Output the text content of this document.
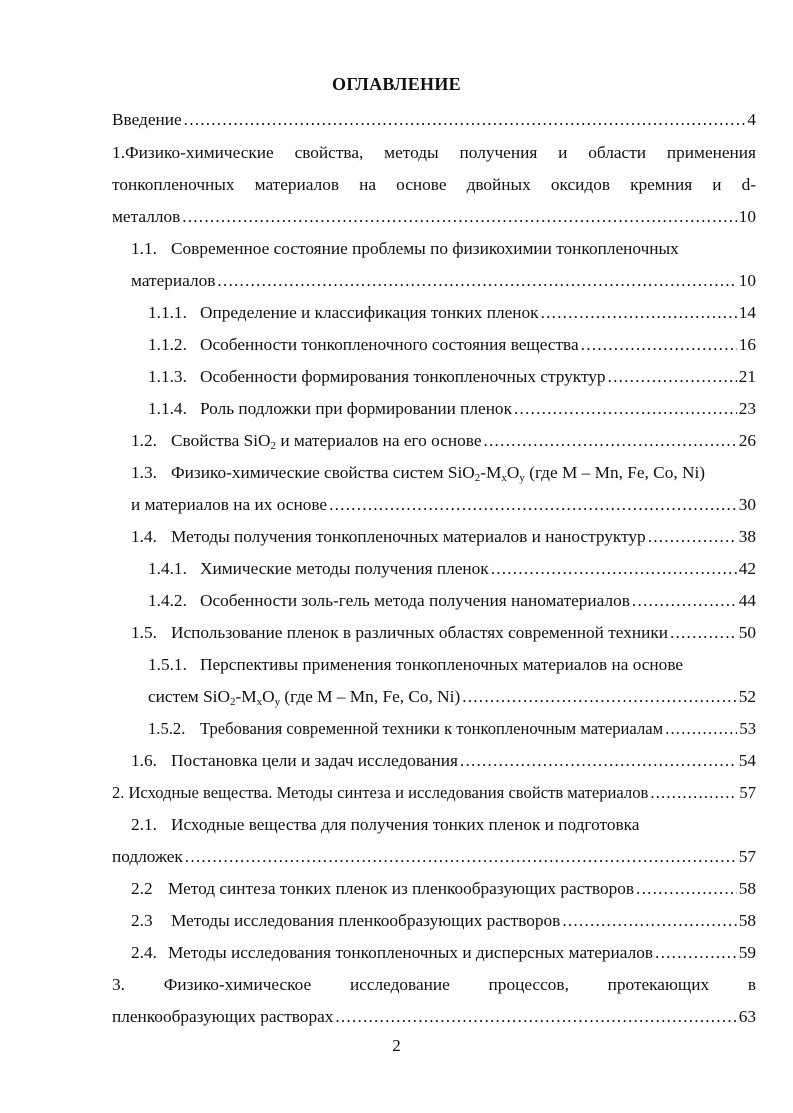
ОГЛАВЛЕНИЕ
Введение .....	4
1.Физико-химические свойства, методы получения и области применения
тонкопленочных материалов на основе двойных оксидов кремния и d-
металлов .....	10
1.1. Современное состояние проблемы по физикохимии тонкопленочных
материалов .....	10
1.1.1. Определение и классификация тонких пленок .....	14
1.1.2. Особенности тонкопленочного состояния вещества .....	16
1.1.3. Особенности формирования тонкопленочных структур .....	21
1.1.4. Роль подложки при формировании пленок .....	23
1.2. Свойства SiO$_2$ и материалов на его основе .....	26
1.3. Физико-химические свойства систем $SiO_2-M_xO_y$ (где M – Mn, Fe, Co, Ni)
и материалов на их основе .....	30
1.4. Методы получения тонкопленочных материалов и наноструктур .....	38
1.4.1. Химические методы получения пленок .....	42
1.4.2. Особенности золь-гель метода получения наноматериалов .....	44
1.5. Использование пленок в различных областях современной техники .....	50
1.5.1. Перспективы применения тонкопленочных материалов на основе
систем $SiO_2-M_xO_y$ (где M – Mn, Fe, Co, Ni) .....	52
1.5.2. Требования современной техники к тонкопленочным материалам .....	53
1.6. Постановка цели и задач исследования .....	54
2. Исходные вещества. Методы синтеза и исследования свойств материалов .....	57
2.1. Исходные вещества для получения тонких пленок и подготовка
подложек .....	57
2.2 Метод синтеза тонких пленок из пленкообразующих растворов .....	58
2.3 Методы исследования пленкообразующих растворов .....	58
2.4. Методы исследования тонкопленочных и дисперсных материалов .....	59
3. Физико-химическое исследование процессов, протекающих в
пленкообразующих растворах .....	63
2
